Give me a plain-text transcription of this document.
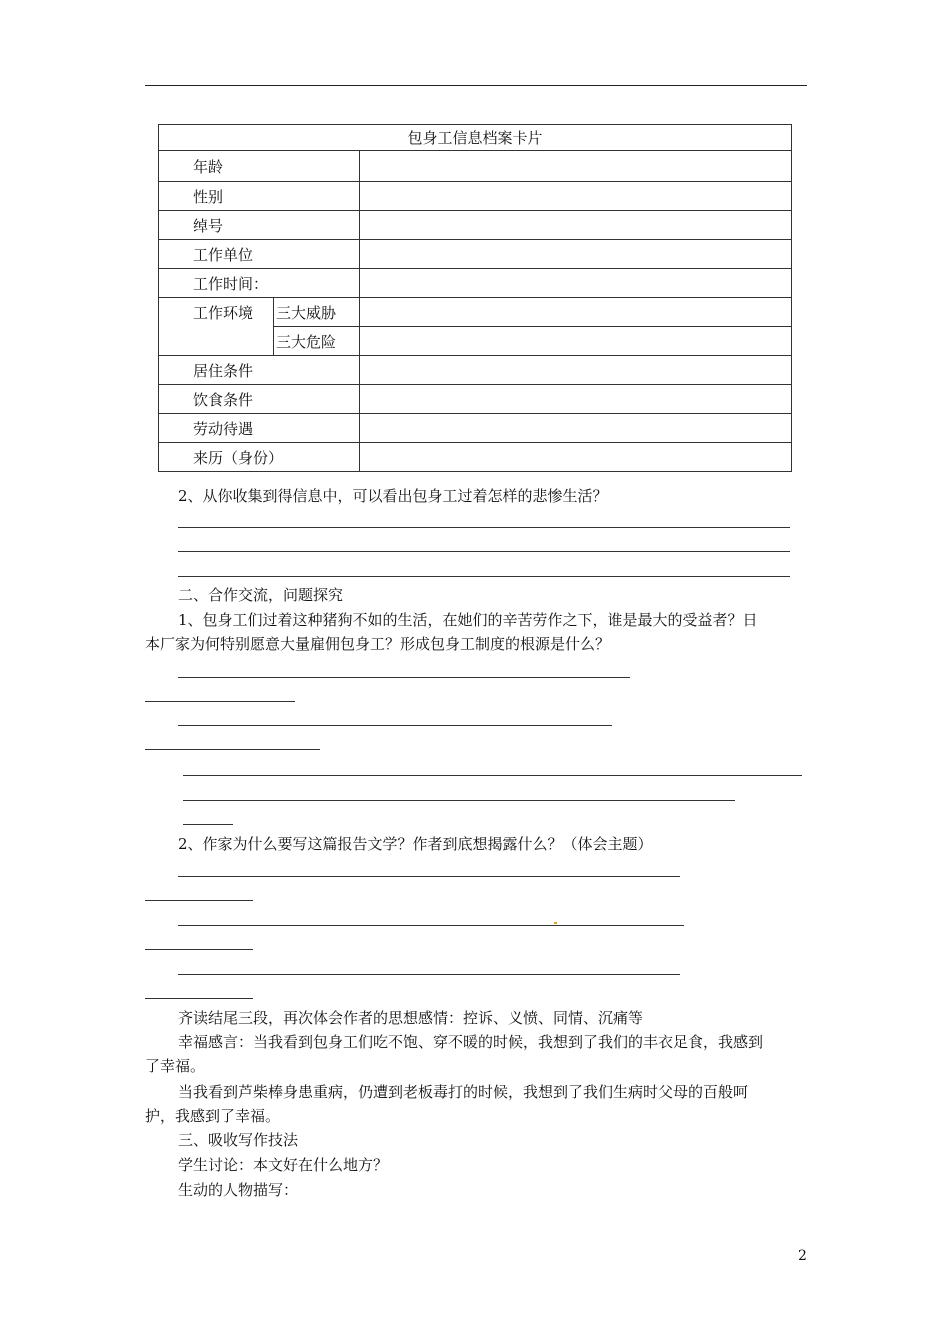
包身工信息档案卡片		
年龄		
性别		
绰号		
工作单位		
工作时间：		
工作环境	三大威胁	
	三大危险	
居住条件		
饮食条件		
劳动待遇		
来历（身份）		
2、从你收集到得信息中，可以看出包身工过着怎样的悲惨生活？
二、合作交流，问题探究
1、包身工们过着这种猪狗不如的生活，在她们的辛苦劳作之下，谁是最大的受益者？日
本厂家为何特别愿意大量雇佣包身工？形成包身工制度的根源是什么？
2、作家为什么要写这篇报告文学？作者到底想揭露什么？（体会主题）
齐读结尾三段，再次体会作者的思想感情：控诉、义愤、同情、沉痛等
幸福感言：当我看到包身工们吃不饱、穿不暖的时候，我想到了我们的丰衣足食，我感到
了幸福。
当我看到芦柴棒身患重病，仍遭到老板毒打的时候，我想到了我们生病时父母的百般呵
护，我感到了幸福。
三、吸收写作技法
学生讨论：本文好在什么地方？
生动的人物描写：
2
